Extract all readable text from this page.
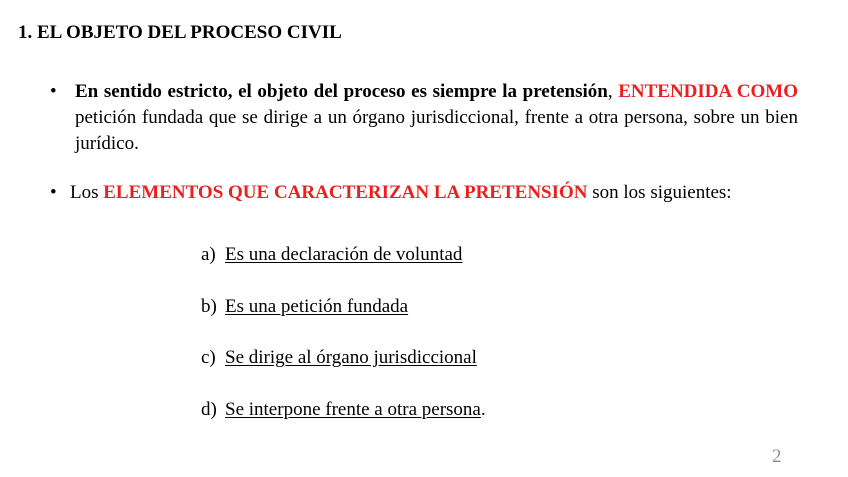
1. EL OBJETO DEL PROCESO CIVIL
• En sentido estricto, el objeto del proceso es siempre la pretensión, ENTENDIDA COMO petición fundada que se dirige a un órgano jurisdiccional, frente a otra persona, sobre un bien jurídico.
• Los ELEMENTOS QUE CARACTERIZAN LA PRETENSIÓN son los siguientes:
a) Es una declaración de voluntad
b) Es una petición fundada
c) Se dirige al órgano jurisdiccional
d) Se interpone frente a otra persona.
2
